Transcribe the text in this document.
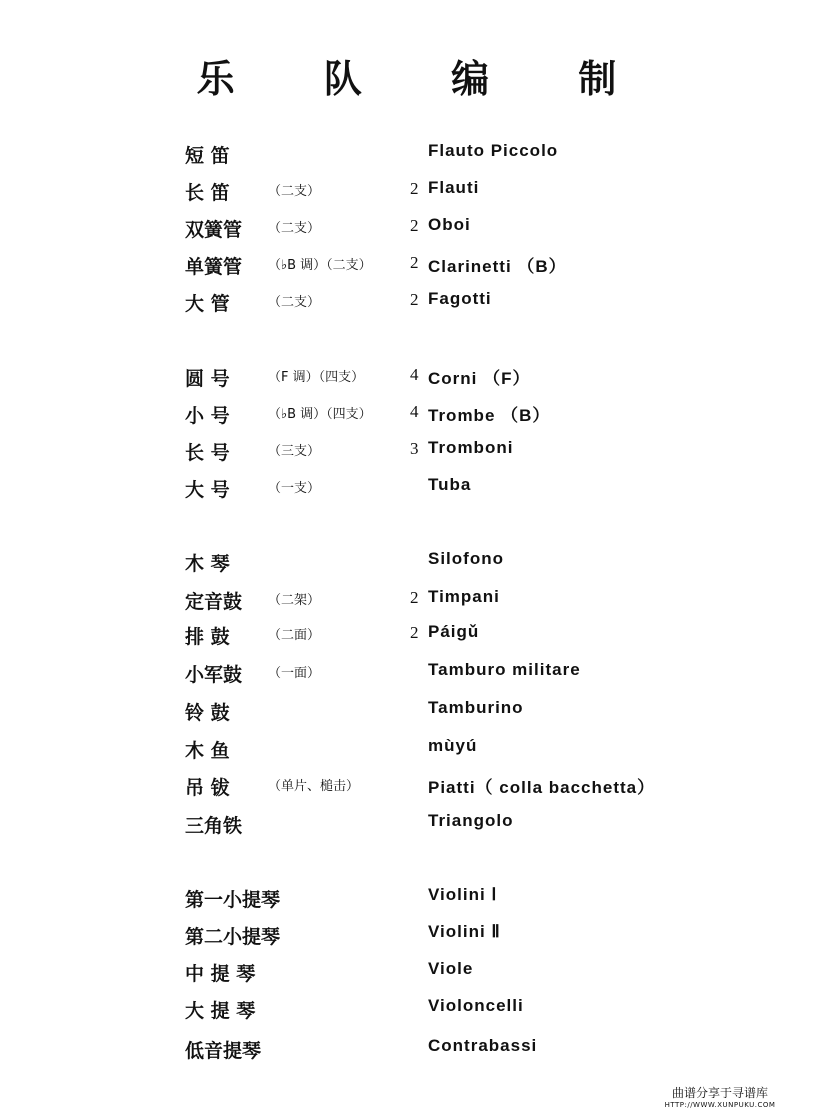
乐 队 编 制
短 笛	Flauto Piccolo
长 笛	（二支）	2 Flauti
双簧管	（二支）	2 Oboi
单簧管	（♭B 调）（二支） 2 Clarinetti （B）
大 管	（二支）	2 Fagotti
圆 号	（F 调）（四支）	4 Corni （F）
小 号	（♭B 调）（四支） 4 Trombe （B）
长 号	（三支）	3 Tromboni
大 号	（一支）	Tuba
木 琴	Silofono
定音鼓	（二架）	2 Timpani
排 鼓	（二面）	2 Páigǔ
小军鼓	（一面）	Tamburo militare
铃 鼓	Tamburino
木 鱼	mùyú
吊 钹	（单片、槌击）	Piatti（ colla bacchetta）
三角铁	Triangolo
第一小提琴	Violini Ⅰ
第二小提琴	Violini Ⅱ
中 提 琴	Viole
大 提 琴	Violoncelli
低音提琴	Contrabassi
曲谱分享于寻谱库
HTTP://WWW.XUNPUKU.COM
